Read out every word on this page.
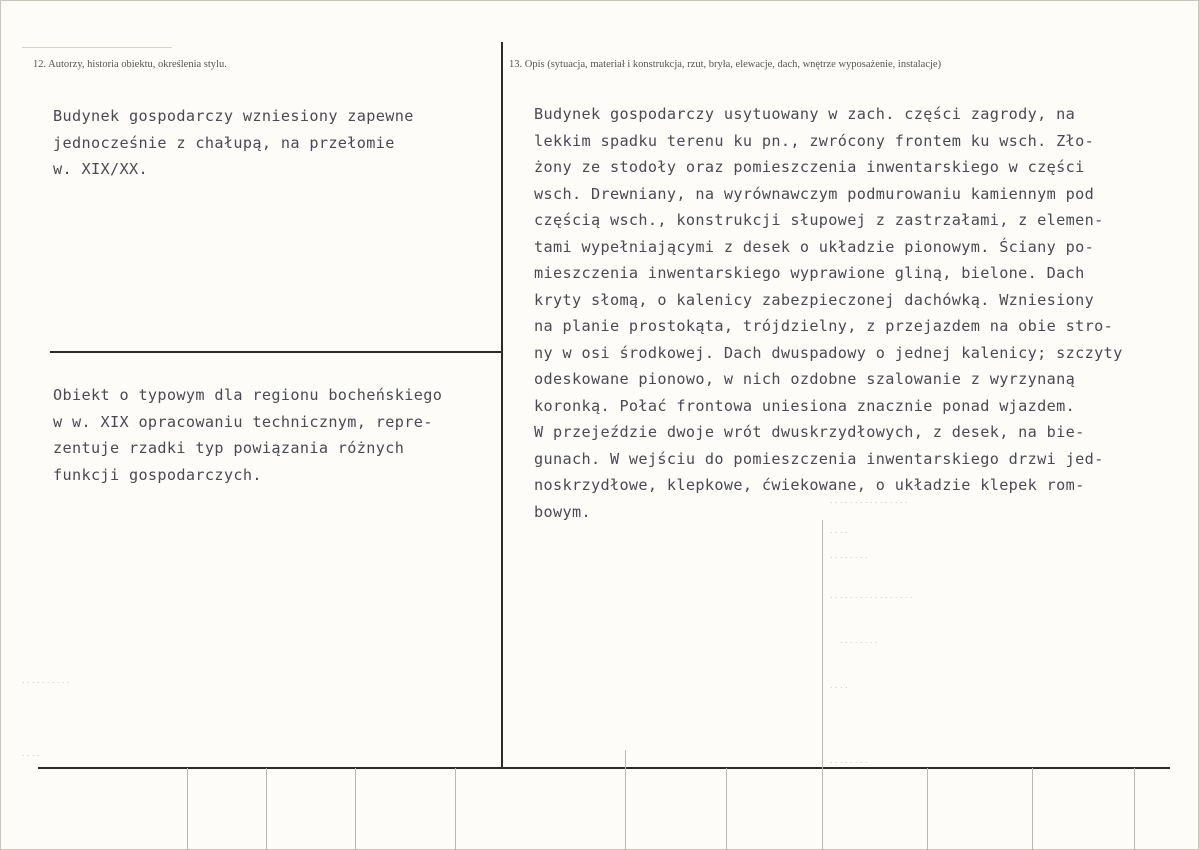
. . . . . . . . . .
. . . .
. . . . . . . . . . . . . . . .
. . . .
. . . . . . . .
. . . . . . . . . . . . . . . . .
. . . . . . . .
. . . .
. . . . . . . .
12. Autorzy, historia obiektu, określenia stylu.	13. Opis (sytuacja, materiał i konstrukcja, rzut, bryła, elewacje, dach, wnętrze wyposażenie, instalacje)
Budynek gospodarczy wzniesiony zapewne
jednocześnie z chałupą, na przełomie
w. XIX/XX.
Obiekt o typowym dla regionu bocheńskiego
w w. XIX opracowaniu technicznym, repre-
zentuje rzadki typ powiązania różnych
funkcji gospodarczych.
Budynek gospodarczy usytuowany w zach. części zagrody, na
lekkim spadku terenu ku pn., zwrócony frontem ku wsch. Zło-
żony ze stodoły oraz pomieszczenia inwentarskiego w części
wsch. Drewniany, na wyrównawczym podmurowaniu kamiennym pod
częścią wsch., konstrukcji słupowej z zastrzałami, z elemen-
tami wypełniającymi z desek o układzie pionowym. Ściany po-
mieszczenia inwentarskiego wyprawione gliną, bielone. Dach
kryty słomą, o kalenicy zabezpieczonej dachówką. Wzniesiony
na planie prostokąta, trójdzielny, z przejazdem na obie stro-
ny w osi środkowej. Dach dwuspadowy o jednej kalenicy; szczyty
odeskowane pionowo, w nich ozdobne szalowanie z wyrzynaną
koronką. Połać frontowa uniesiona znacznie ponad wjazdem.
W przejeździe dwoje wrót dwuskrzydłowych, z desek, na bie-
gunach. W wejściu do pomieszczenia inwentarskiego drzwi jed-
noskrzydłowe, klepkowe, ćwiekowane, o układzie klepek rom-
bowym.
